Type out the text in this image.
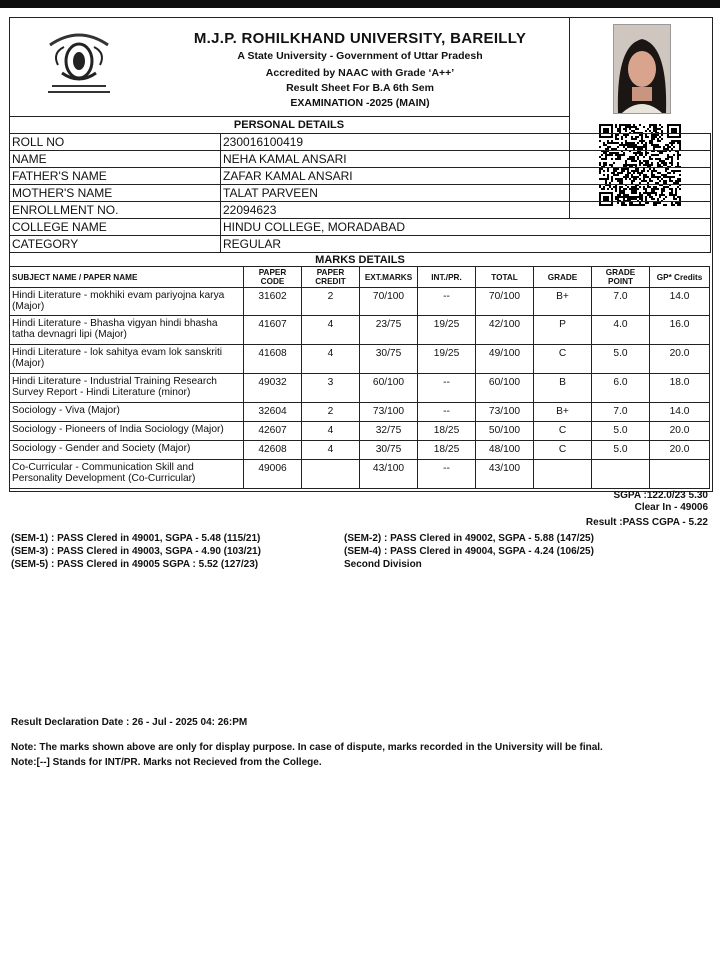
M.J.P. ROHILKHAND UNIVERSITY, BAREILLY
A State University - Government of Uttar Pradesh
Accredited by NAAC with Grade ‘A++’
Result Sheet For B.A 6th Sem
EXAMINATION -2025 (MAIN)
PERSONAL DETAILS
ROLL NO	230016100419
NAME	NEHA KAMAL ANSARI
FATHER'S NAME	ZAFAR KAMAL ANSARI
MOTHER'S NAME	TALAT PARVEEN
ENROLLMENT NO.	22094623
COLLEGE NAME	HINDU COLLEGE, MORADABAD
CATEGORY	REGULAR
MARKS DETAILS
SUBJECT NAME / PAPER NAME	PAPER CODE	PAPER CREDIT	EXT.MARKS	INT./PR.	TOTAL	GRADE	GRADE POINT	GP* Credits
Hindi Literature - mokhiki evam pariyojna karya (Major)	31602	2	70/100	--	70/100	B+	7.0	14.0
Hindi Literature - Bhasha vigyan hindi bhasha tatha devnagri lipi (Major)	41607	4	23/75	19/25	42/100	P	4.0	16.0
Hindi Literature - lok sahitya evam lok sanskriti (Major)	41608	4	30/75	19/25	49/100	C	5.0	20.0
Hindi Literature - Industrial Training Research Survey Report - Hindi Literature (minor)	49032	3	60/100	--	60/100	B	6.0	18.0
Sociology - Viva (Major)	32604	2	73/100	--	73/100	B+	7.0	14.0
Sociology - Pioneers of India Sociology (Major)	42607	4	32/75	18/25	50/100	C	5.0	20.0
Sociology - Gender and Society (Major)	42608	4	30/75	18/25	48/100	C	5.0	20.0
Co-Curricular - Communication Skill and Personality Development (Co-Curricular)	49006		43/100	--	43/100			
SGPA :122.0/23 5.30
Clear In - 49006
Result :PASS CGPA - 5.22
(SEM-1) : PASS Clered in 49001, SGPA - 5.48 (115/21)	(SEM-2) : PASS Clered in 49002, SGPA - 5.88 (147/25)
(SEM-3) : PASS Clered in 49003, SGPA - 4.90 (103/21)	(SEM-4) : PASS Clered in 49004, SGPA - 4.24 (106/25)
(SEM-5) : PASS Clered in 49005 SGPA : 5.52 (127/23)	Second Division
Result Declaration Date : 26 - Jul - 2025 04: 26:PM
Note: The marks shown above are only for display purpose. In case of dispute, marks recorded in the University will be final.
Note:[--] Stands for INT/PR. Marks not Recieved from the College.
